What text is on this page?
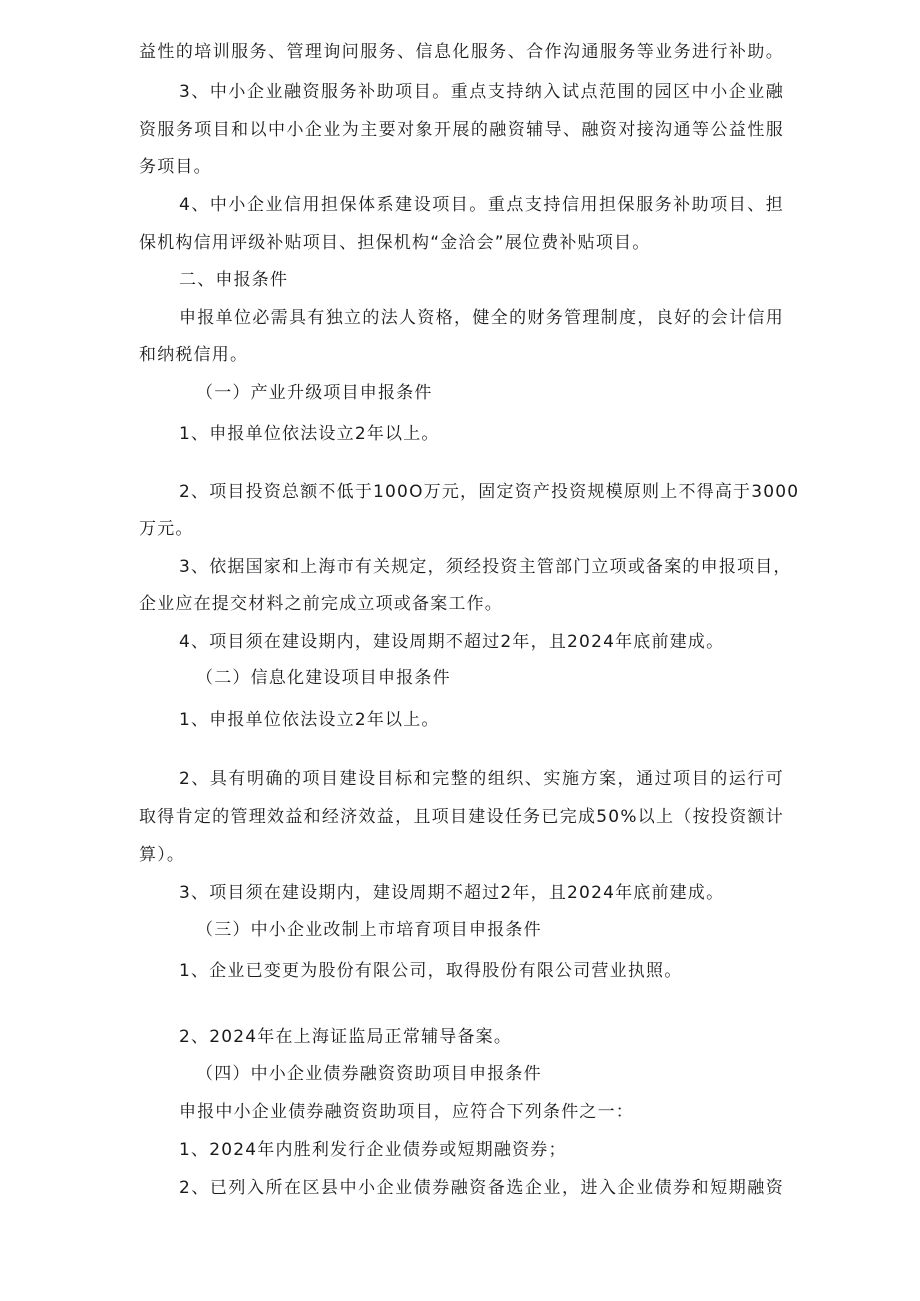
益性的培训服务、管理询问服务、信息化服务、合作沟通服务等业务进行补助。

3、中小企业融资服务补助项目。重点支持纳入试点范围的园区中小企业融

资服务项目和以中小企业为主要对象开展的融资辅导、融资对接沟通等公益性服

务项目。

4、中小企业信用担保体系建设项目。重点支持信用担保服务补助项目、担

保机构信用评级补贴项目、担保机构“金洽会”展位费补贴项目。

二、申报条件

申报单位必需具有独立的法人资格，健全的财务管理制度，良好的会计信用

和纳税信用。

（一）产业升级项目申报条件

1、申报单位依法设立2年以上。

2、项目投资总额不低于100O万元，固定资产投资规模原则上不得高于3000

万元。

3、依据国家和上海市有关规定，须经投资主管部门立项或备案的申报项目，

企业应在提交材料之前完成立项或备案工作。

4、项目须在建设期内，建设周期不超过2年，且2024年底前建成。

（二）信息化建设项目申报条件

1、申报单位依法设立2年以上。

2、具有明确的项目建设目标和完整的组织、实施方案，通过项目的运行可

取得肯定的管理效益和经济效益，且项目建设任务已完成50%以上（按投资额计

算）。

3、项目须在建设期内，建设周期不超过2年，且2024年底前建成。

（三）中小企业改制上市培育项目申报条件

1、企业已变更为股份有限公司，取得股份有限公司营业执照。

2、2024年在上海证监局正常辅导备案。

（四）中小企业债券融资资助项目申报条件

申报中小企业债券融资资助项目，应符合下列条件之一：

1、2024年内胜利发行企业债券或短期融资券；

2、已列入所在区县中小企业债券融资备选企业，进入企业债券和短期融资
